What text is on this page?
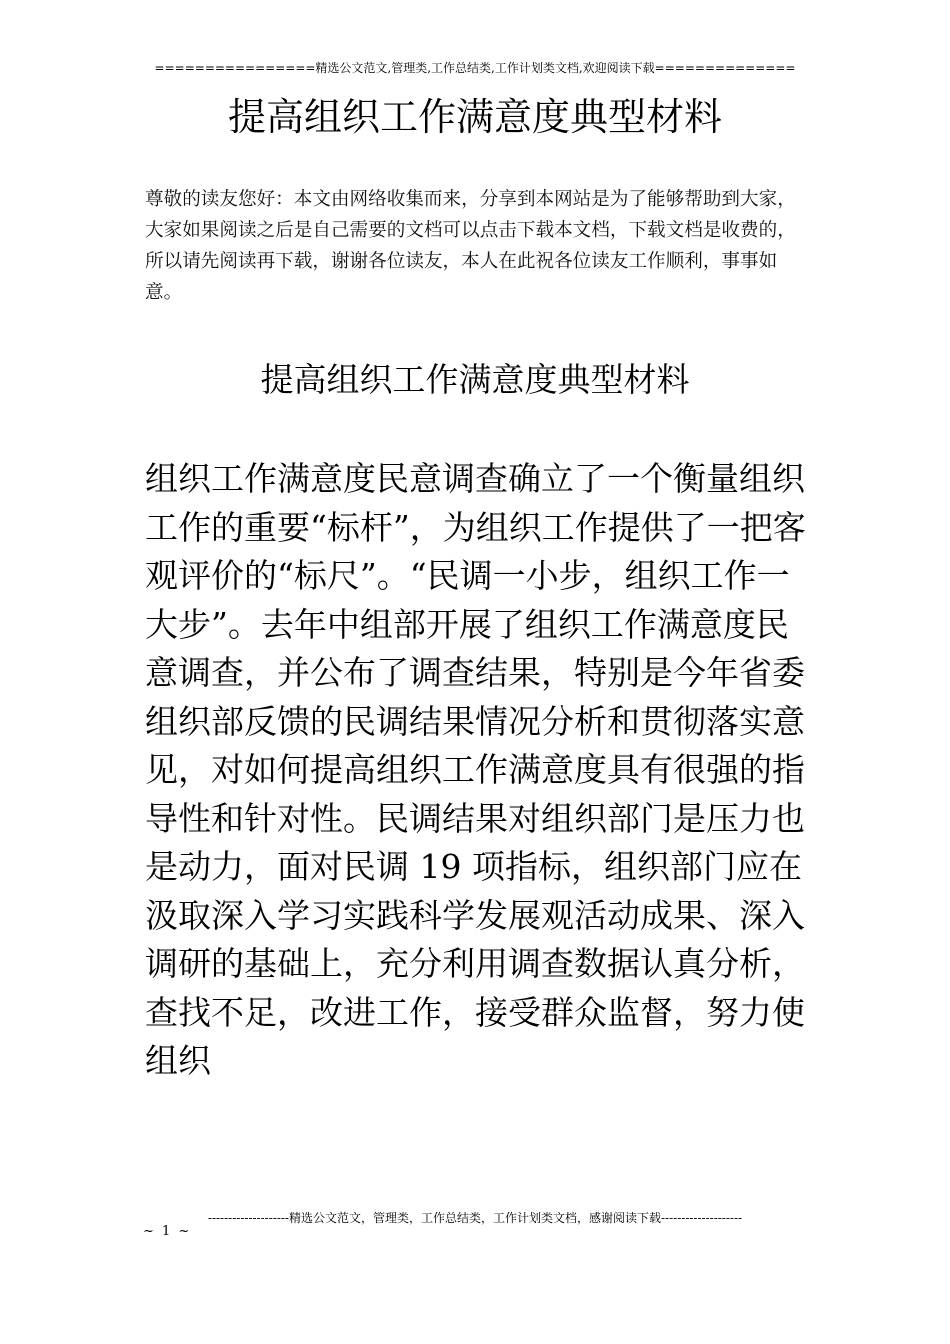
================精选公文范文,管理类,工作总结类,工作计划类文档,欢迎阅读下载==============
提高组织工作满意度典型材料
尊敬的读友您好：本文由网络收集而来，分享到本网站是为了能够帮助到大家，大家如果阅读之后是自己需要的文档可以点击下载本文档，下载文档是收费的，所以请先阅读再下载，谢谢各位读友，本人在此祝各位读友工作顺利，事事如意。
提高组织工作满意度典型材料
组织工作满意度民意调查确立了一个衡量组织工作的重要“标杆”，为组织工作提供了一把客观评价的“标尺”。“民调一小步，组织工作一大步”。去年中组部开展了组织工作满意度民意调查，并公布了调查结果，特别是今年省委组织部反馈的民调结果情况分析和贯彻落实意见，对如何提高组织工作满意度具有很强的指导性和针对性。民调结果对组织部门是压力也是动力，面对民调 19 项指标，组织部门应在汲取深入学习实践科学发展观活动成果、深入调研的基础上，充分利用调查数据认真分析，查找不足，改进工作，接受群众监督，努力使组织
--------------------精选公文范文，管理类，工作总结类，工作计划类文档，感谢阅读下载--------------------
~ 1 ~
